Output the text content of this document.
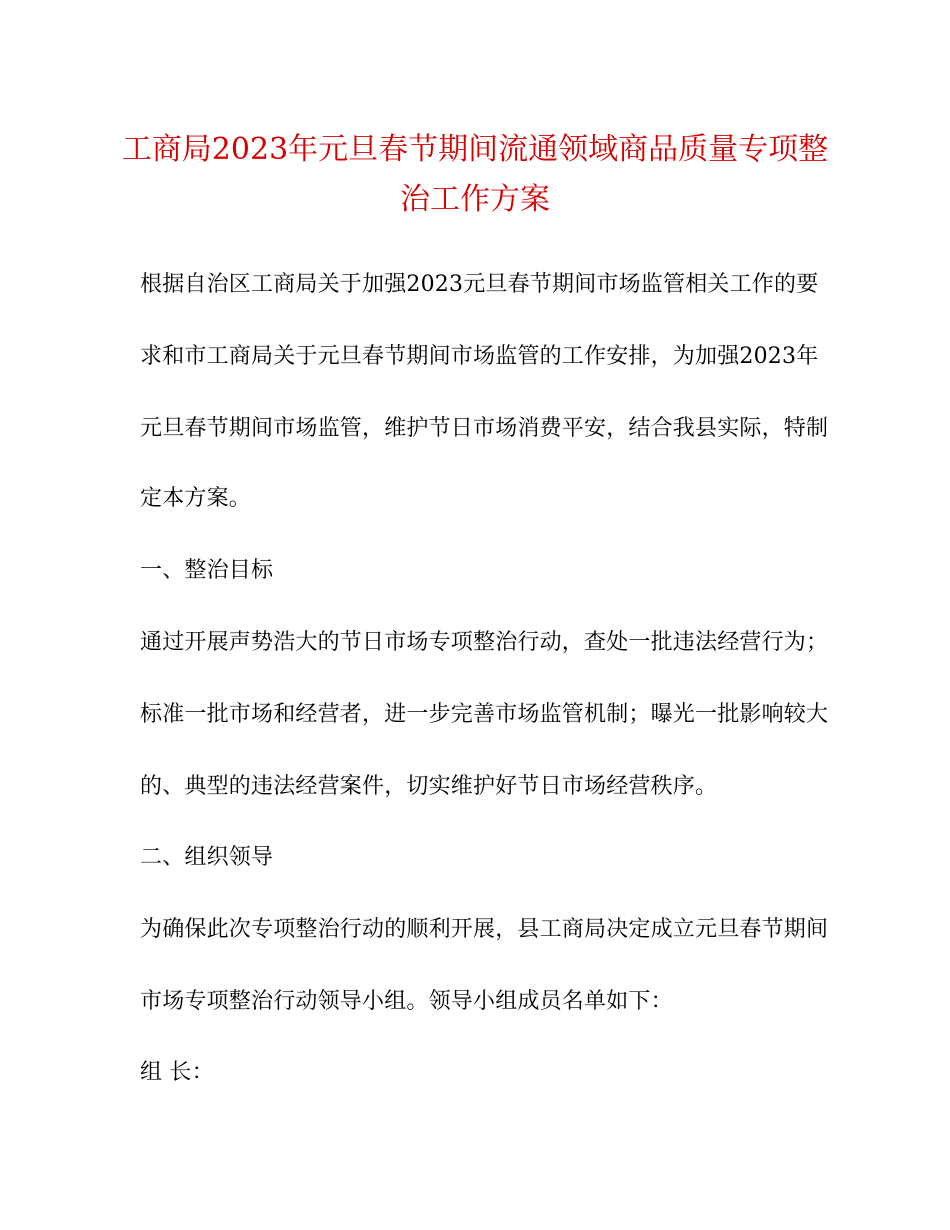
工商局2023年元旦春节期间流通领域商品质量专项整
治工作方案
根据自治区工商局关于加强2023元旦春节期间市场监管相关工作的要
求和市工商局关于元旦春节期间市场监管的工作安排，为加强2023年
元旦春节期间市场监管，维护节日市场消费平安，结合我县实际，特制
定本方案。
一、整治目标
通过开展声势浩大的节日市场专项整治行动，查处一批违法经营行为；
标准一批市场和经营者，进一步完善市场监管机制；曝光一批影响较大
的、典型的违法经营案件，切实维护好节日市场经营秩序。
二、组织领导
为确保此次专项整治行动的顺利开展，县工商局决定成立元旦春节期间
市场专项整治行动领导小组。领导小组成员名单如下：
组 长：
